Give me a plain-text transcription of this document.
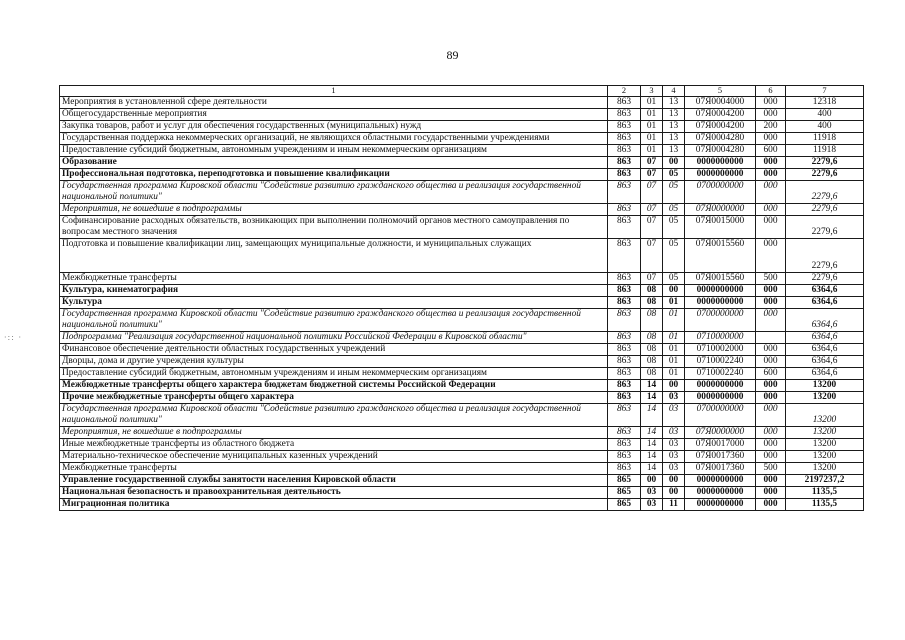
89
·:: ·
1	2	3	4	5	6	7
Мероприятия в установленной сфере деятельности	863	01	13	07Я0004000	000	12318
Общегосударственные мероприятия	863	01	13	07Я0004200	000	400
Закупка товаров, работ и услуг для обеспечения государственных (муниципальных) нужд	863	01	13	07Я0004200	200	400
Государственная поддержка некоммерческих организаций, не являющихся областными государственными учреждениями	863	01	13	07Я0004280	000	11918
Предоставление субсидий бюджетным, автономным учреждениям и иным некоммерческим организациям	863	01	13	07Я0004280	600	11918
Образование	863	07	00	0000000000	000	2279,6
Профессиональная подготовка, переподготовка и повышение квалификации	863	07	05	0000000000	000	2279,6
Государственная программа Кировской области "Содействие развитию гражданского общества и реализация государственной национальной политики"	863	07	05	0700000000	000	2279,6
Мероприятия, не вошедшие в подпрограммы	863	07	05	07Я0000000	000	2279,6
Софинансирование расходных обязательств, возникающих при выполнении полномочий органов местного самоуправления по вопросам местного значения	863	07	05	07Я0015000	000	2279,6
Подготовка и повышение квалификации лиц, замещающих муниципальные должности, и муниципальных служащих	863	07	05	07Я0015560	000	2279,6
Межбюджетные трансферты	863	07	05	07Я0015560	500	2279,6
Культура, кинематография	863	08	00	0000000000	000	6364,6
Культура	863	08	01	0000000000	000	6364,6
Государственная программа Кировской области "Содействие развитию гражданского общества и реализация государственной национальной политики"	863	08	01	0700000000	000	6364,6
Подпрограмма "Реализация государственной национальной политики Российской Федерации в Кировской области"	863	08	01	0710000000		6364,6
Финансовое обеспечение деятельности областных государственных учреждений	863	08	01	0710002000	000	6364,6
Дворцы, дома и другие учреждения культуры	863	08	01	0710002240	000	6364,6
Предоставление субсидий бюджетным, автономным учреждениям и иным некоммерческим организациям	863	08	01	0710002240	600	6364,6
Межбюджетные трансферты общего характера бюджетам бюджетной системы Российской Федерации	863	14	00	0000000000	000	13200
Прочие межбюджетные трансферты общего характера	863	14	03	0000000000	000	13200
Государственная программа Кировской области "Содействие развитию гражданского общества и реализация государственной национальной политики"	863	14	03	0700000000	000	13200
Мероприятия, не вошедшие в подпрограммы	863	14	03	07Я0000000	000	13200
Иные межбюджетные трансферты из областного бюджета	863	14	03	07Я0017000	000	13200
Материально-техническое обеспечение муниципальных казенных учреждений	863	14	03	07Я0017360	000	13200
Межбюджетные трансферты	863	14	03	07Я0017360	500	13200
Управление государственной службы занятости населения Кировской области	865	00	00	0000000000	000	2197237,2
Национальная безопасность и правоохранительная деятельность	865	03	00	0000000000	000	1135,5
Миграционная политика	865	03	11	0000000000	000	1135,5
